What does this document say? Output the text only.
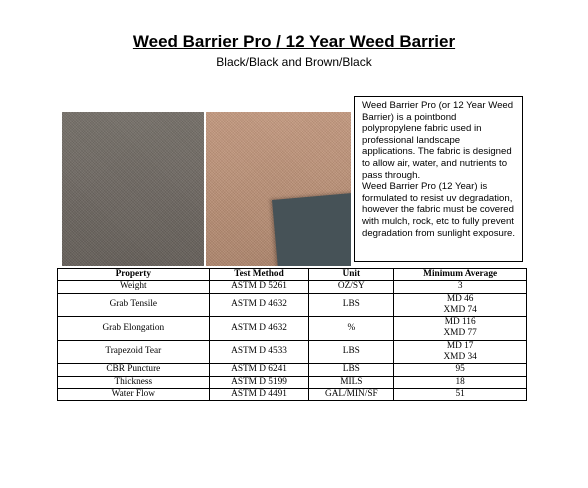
Weed Barrier Pro / 12 Year Weed Barrier

Black/Black and Brown/Black

Weed Barrier Pro (or 12 Year Weed Barrier) is a pointbond polypropylene fabric used in professional landscape applications. The fabric is designed to allow air, water, and nutrients to pass through.

Weed Barrier Pro (12 Year) is formulated to resist uv degradation, however the fabric must be covered with mulch, rock, etc to fully prevent degradation from sunlight exposure.

Property	Test Method	Unit	Minimum Average
Weight	ASTM D 5261	OZ/SY	3
Grab Tensile	ASTM D 4632	LBS	MD 46
XMD 74

Grab Elongation	ASTM D 4632	%	MD 116
XMD 77

Trapezoid Tear	ASTM D 4533	LBS	MD 17
XMD 34

CBR Puncture	ASTM D 6241	LBS	95
Thickness	ASTM D 5199	MILS	18
Water Flow	ASTM D 4491	GAL/MIN/SF	51
